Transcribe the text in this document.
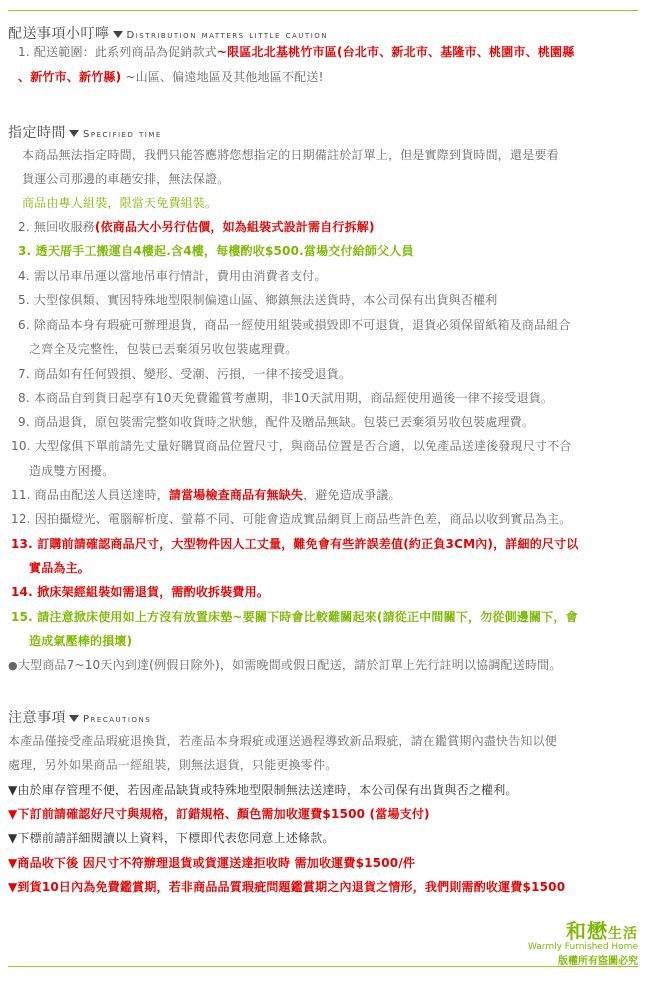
配送事項小叮嚀 Distribution matters little caution
1. 配送範圍：此系列商品為促銷款式~限區北北基桃竹市區(台北市、新北市、基隆市、桃園市、桃園縣
、新竹市、新竹縣) ~山區、偏遠地區及其他地區不配送!
指定時間 Specified time
本商品無法指定時間，我們只能答應將您想指定的日期備註於訂單上，但是實際到貨時間，還是要看
貨運公司那邊的車趟安排，無法保證。
商品由專人組裝，限當天免費組裝。
2. 無回收服務(依商品大小另行估價，如為組裝式設計需自行拆解)
3. 透天厝手工搬運自4樓起.含4樓，每樓酌收$500.當場交付給師父人員
4. 需以吊車吊運以當地吊車行情計，費用由消費者支付。
5. 大型傢俱類、實因特殊地型限制偏遠山區、鄉鎮無法送貨時，本公司保有出貨與否權利
6. 除商品本身有瑕疵可辦理退貨，商品一經使用組裝或損毀即不可退貨，退貨必須保留紙箱及商品組合
之齊全及完整性，包裝已丟棄須另收包裝處理費。
7. 商品如有任何毀損、變形、受潮、污損，一律不接受退貨。
8. 本商品自到貨日起享有10天免費鑑賞考慮期，非10天試用期，商品經使用過後一律不接受退貨。
9. 商品退貨，原包裝需完整如收貨時之狀態，配件及贈品無缺。包裝已丟棄須另收包裝處理費。
10. 大型傢俱下單前請先丈量好購買商品位置尺寸，與商品位置是否合適，以免產品送達後發現尺寸不合
造成雙方困擾。
11. 商品由配送人員送達時，請當場檢查商品有無缺失，避免造成爭議。
12. 因拍攝燈光、電腦解析度、螢幕不同、可能會造成實品網頁上商品些許色差，商品以收到實品為主。
13. 訂購前請確認商品尺寸，大型物件因人工丈量，難免會有些許誤差值(約正負3CM內)，詳細的尺寸以
實品為主。
14. 掀床架經組裝如需退貨，需酌收拆裝費用。
15. 請注意掀床使用如上方沒有放置床墊~要關下時會比較難關起來(請從正中間關下，勿從側邊關下，會
造成氣壓棒的損壞)
●大型商品7~10天內到達(例假日除外)，如需晚間或假日配送，請於訂單上先行註明以協調配送時間。
注意事項 Precautions
本產品僅接受產品瑕疵退換貨，若產品本身瑕疵或運送過程導致新品瑕疵，請在鑑賞期內盡快告知以便
處理，另外如果商品一經組裝，則無法退貨，只能更換零件。
▼由於庫存管理不便，若因產品缺貨或特殊地型限制無法送達時，本公司保有出貨與否之權利。
▼下訂前請確認好尺寸與規格，訂錯規格、顏色需加收運費$1500 (當場支付)
▼下標前請詳細閱讀以上資料，下標即代表您同意上述條款。
▼商品收下後 因尺寸不符辦理退貨或貨運送達拒收時 需加收運費$1500/件
▼到貨10日內為免費鑑賞期，若非商品品質瑕疵問題鑑賞期之內退貨之情形，我們則需酌收運費$1500
和懋生活
Warmly Furnished Home
版權所有盜圖必究
